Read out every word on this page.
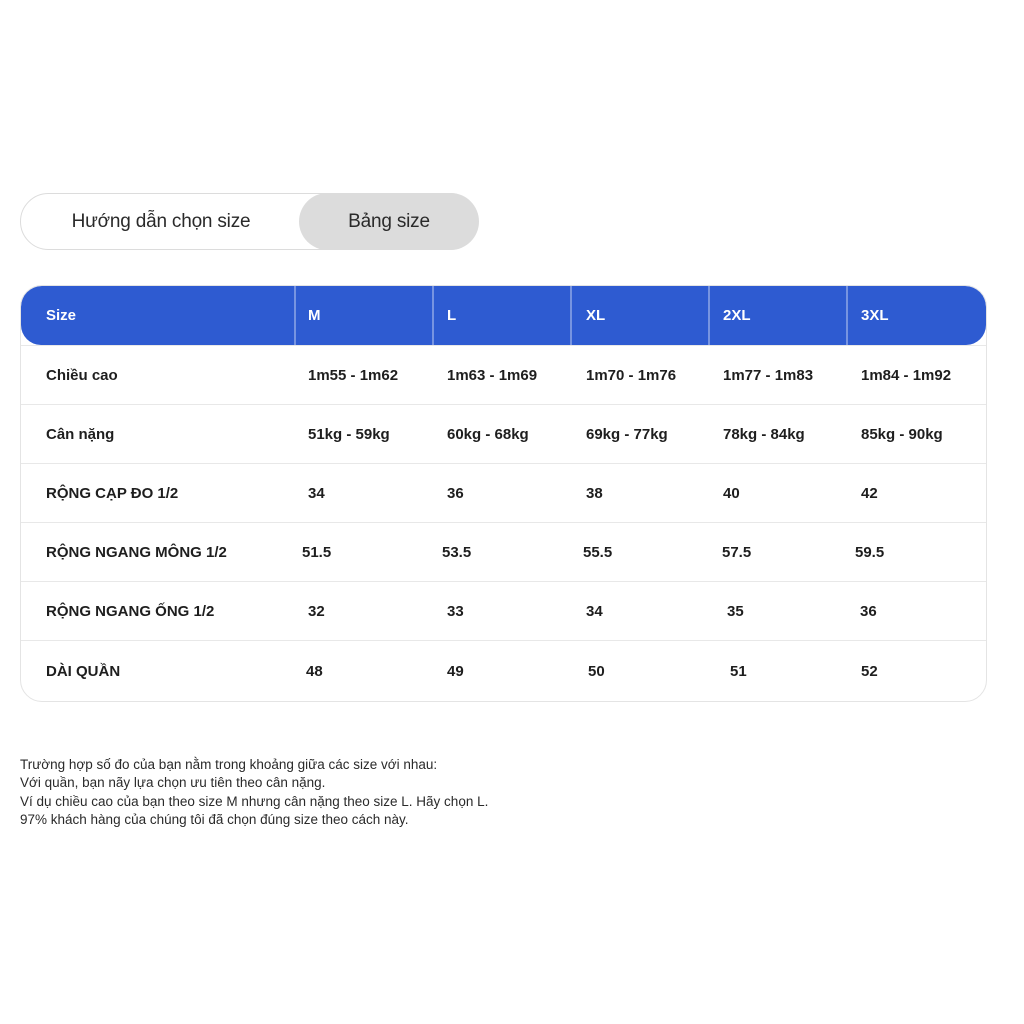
Hướng dẫn chọn size	Bảng size
Size	M	L	XL	2XL	3XL
Chiều cao	1m55 - 1m62	1m63 - 1m69	1m70 - 1m76	1m77 - 1m83	1m84 - 1m92
Cân nặng	51kg - 59kg	60kg - 68kg	69kg - 77kg	78kg - 84kg	85kg - 90kg
RỘNG CẠP ĐO 1/2	34	36	38	40	42
RỘNG NGANG MÔNG 1/2	51.5	53.5	55.5	57.5	59.5
RỘNG NGANG ỐNG 1/2	32	33	34	35	36
DÀI QUẦN	48	49	50	51	52
Trường hợp số đo của bạn nằm trong khoảng giữa các size với nhau:
Với quần, bạn nãy lựa chọn ưu tiên theo cân nặng.
Ví dụ chiều cao của bạn theo size M nhưng cân nặng theo size L. Hãy chọn L.
97% khách hàng của chúng tôi đã chọn đúng size theo cách này.
